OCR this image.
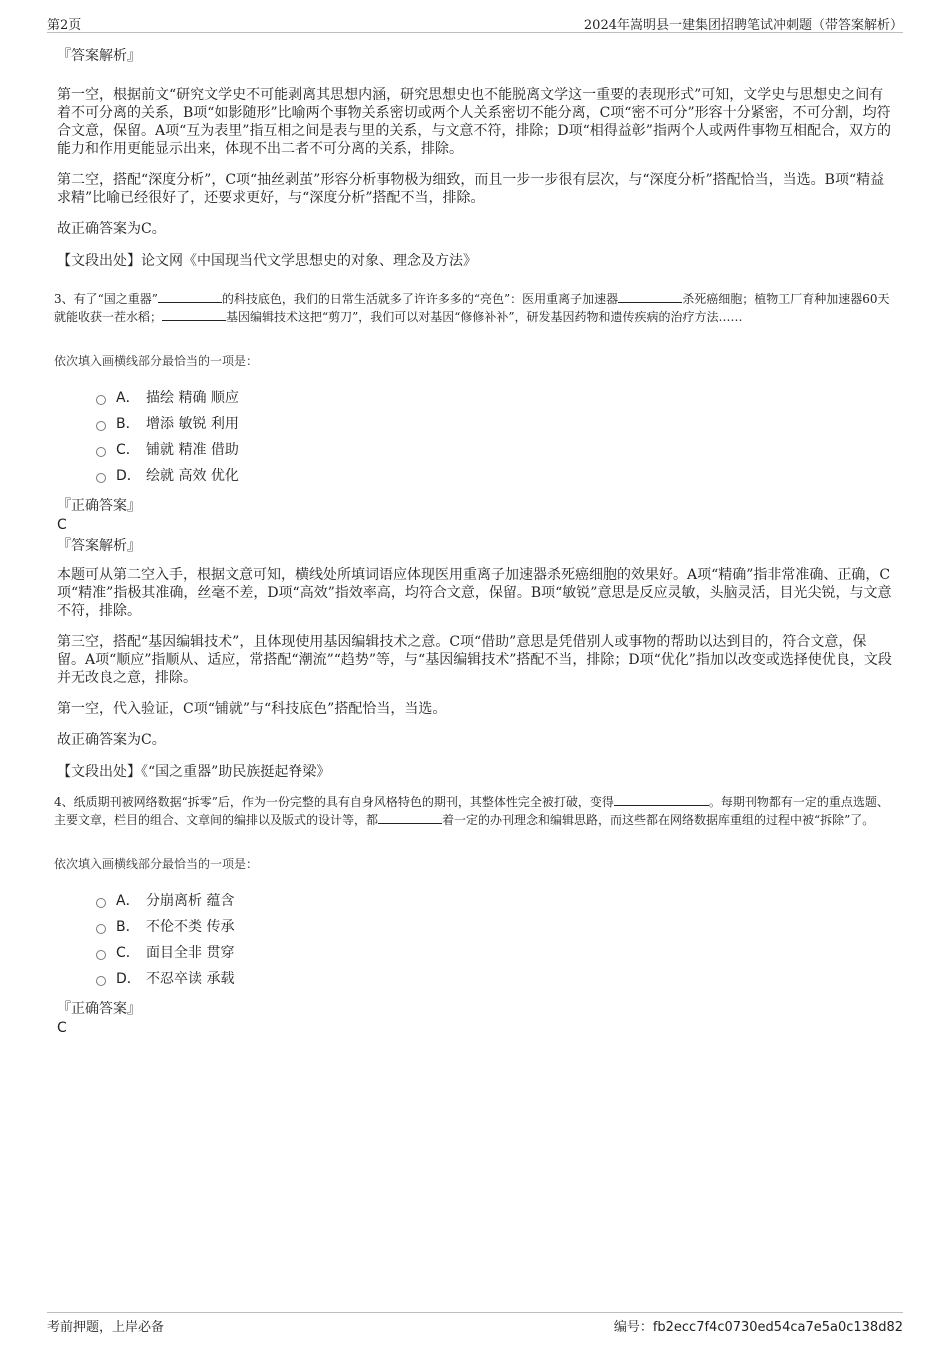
第2页	2024年嵩明县一建集团招聘笔试冲刺题（带答案解析）
『答案解析』

第一空，根据前文“研究文学史不可能剥离其思想内涵，研究思想史也不能脱离文学这一重要的表现形式”可知，文学史与思想史之间有着不可分离的关系，B项“如影随形”比喻两个事物关系密切或两个人关系密切不能分离，C项“密不可分”形容十分紧密，不可分割，均符合文意，保留。A项“互为表里”指互相之间是表与里的关系，与文意不符，排除；D项“相得益彰”指两个人或两件事物互相配合，双方的能力和作用更能显示出来，体现不出二者不可分离的关系，排除。

第二空，搭配“深度分析”，C项“抽丝剥茧”形容分析事物极为细致，而且一步一步很有层次，与“深度分析”搭配恰当，当选。B项“精益求精”比喻已经很好了，还要求更好，与“深度分析”搭配不当，排除。

故正确答案为C。

【文段出处】论文网《中国现当代文学思想史的对象、理念及方法》

3、有了“国之重器”	的科技底色，我们的日常生活就多了许许多多的“亮色”：医用重离子加速器	杀死癌细胞；植物工厂育种加速器60天就能收获一茬水稻；	基因编辑技术这把“剪刀”，我们可以对基因“修修补补”，研发基因药物和遗传疾病的治疗方法……
依次填入画横线部分最恰当的一项是：
A． 描绘 精确 顺应
B． 增添 敏锐 利用
C． 铺就 精准 借助
D． 绘就 高效 优化
『正确答案』
C
『答案解析』

本题可从第二空入手，根据文意可知，横线处所填词语应体现医用重离子加速器杀死癌细胞的效果好。A项“精确”指非常准确、正确，C项“精准”指极其准确，丝毫不差，D项“高效”指效率高，均符合文意，保留。B项“敏锐”意思是反应灵敏，头脑灵活，目光尖锐，与文意不符，排除。

第三空，搭配“基因编辑技术”，且体现使用基因编辑技术之意。C项“借助”意思是凭借别人或事物的帮助以达到目的，符合文意，保留。A项“顺应”指顺从、适应，常搭配“潮流”“趋势”等，与“基因编辑技术”搭配不当，排除；D项“优化”指加以改变或选择使优良，文段并无改良之意，排除。

第一空，代入验证，C项“铺就”与“科技底色”搭配恰当，当选。

故正确答案为C。

【文段出处】《“国之重器”助民族挺起脊梁》

4、纸质期刊被网络数据“拆零”后，作为一份完整的具有自身风格特色的期刊，其整体性完全被打破，变得	。每期刊物都有一定的重点选题、主要文章，栏目的组合、文章间的编排以及版式的设计等，都	着一定的办刊理念和编辑思路，而这些都在网络数据库重组的过程中被“拆除”了。
依次填入画横线部分最恰当的一项是：
A． 分崩离析 蕴含
B． 不伦不类 传承
C． 面目全非 贯穿
D． 不忍卒读 承载
『正确答案』
C
考前押题，上岸必备	编号：fb2ecc7f4c0730ed54ca7e5a0c138d82
